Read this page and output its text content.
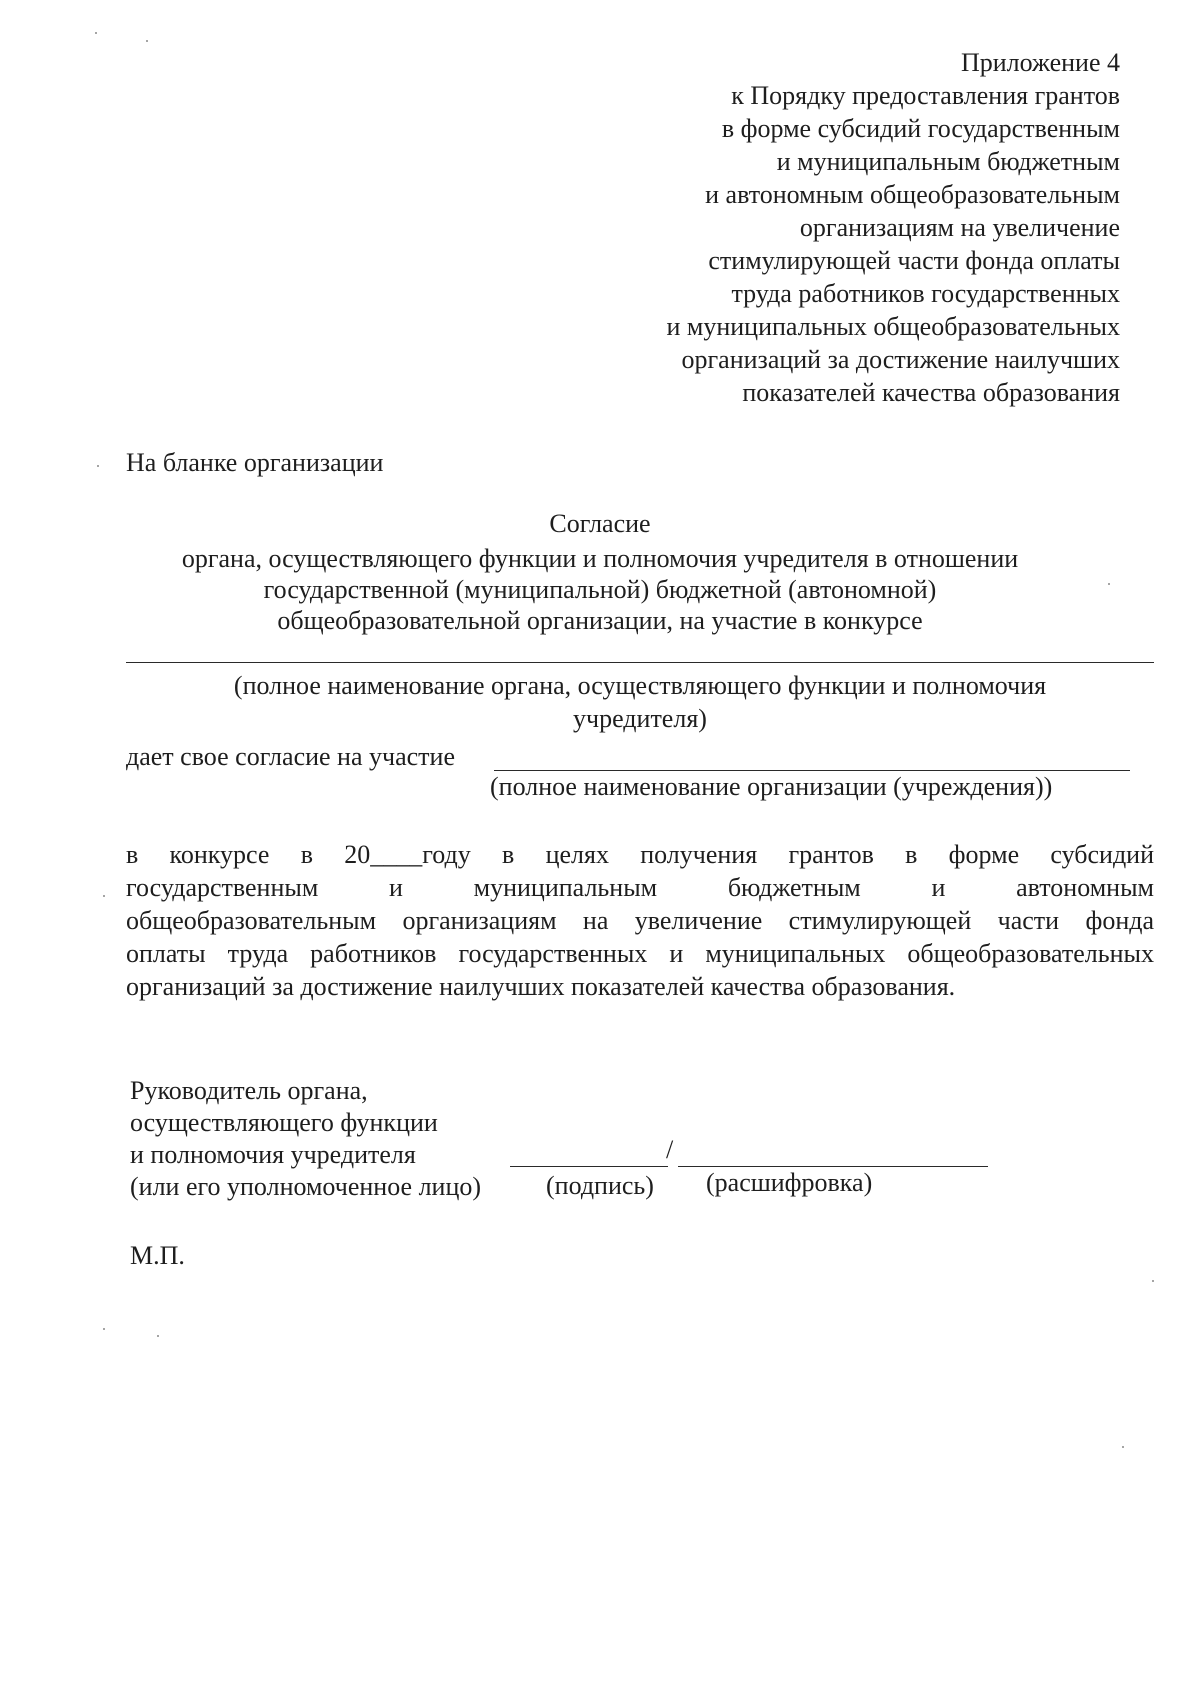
Приложение 4
к Порядку предоставления грантов
в форме субсидий государственным
и муниципальным бюджетным
и автономным общеобразовательным
организациям на увеличение
стимулирующей части фонда оплаты
труда работников государственных
и муниципальных общеобразовательных
организаций за достижение наилучших
показателей качества образования
На бланке организации
Согласие
органа, осуществляющего функции и полномочия учредителя в отношении
государственной (муниципальной) бюджетной (автономной)
общеобразовательной организации, на участие в конкурсе
(полное наименование органа, осуществляющего функции и полномочия
учредителя)
дает свое согласие на участие
(полное наименование организации (учреждения))
в конкурсе в 20____году в целях получения грантов в форме субсидий
государственным и муниципальным бюджетным и автономным
общеобразовательным организациям на увеличение стимулирующей части фонда
оплаты труда работников государственных и муниципальных общеобразовательных
организаций за достижение наилучших показателей качества образования.
Руководитель органа,
осуществляющего функции
и полномочия учредителя
(или его уполномоченное лицо)
/
(подпись) (расшифровка)
М.П.
